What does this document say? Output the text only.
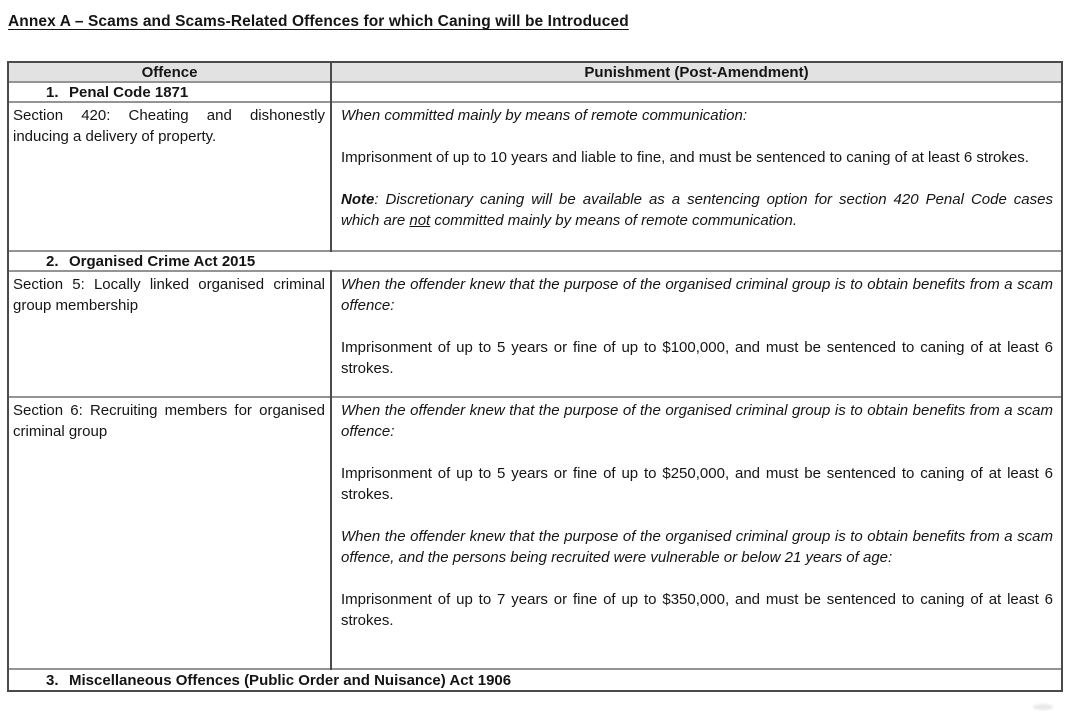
Annex A – Scams and Scams-Related Offences for which Caning will be Introduced
Offence	Punishment (Post-Amendment)
1. Penal Code 1871	
Section 420: Cheating and dishonestly inducing a delivery of property.	When committed mainly by means of remote communication:

Imprisonment of up to 10 years and liable to fine, and must be sentenced to caning of at least 6 strokes.

Note: Discretionary caning will be available as a sentencing option for section 420 Penal Code cases which are not committed mainly by means of remote communication.

2. Organised Crime Act 2015	
Section 5: Locally linked organised criminal group membership	When the offender knew that the purpose of the organised criminal group is to obtain benefits from a scam offence:

Imprisonment of up to 5 years or fine of up to $100,000, and must be sentenced to caning of at least 6 strokes.

Section 6: Recruiting members for organised criminal group	When the offender knew that the purpose of the organised criminal group is to obtain benefits from a scam offence:

Imprisonment of up to 5 years or fine of up to $250,000, and must be sentenced to caning of at least 6 strokes.

When the offender knew that the purpose of the organised criminal group is to obtain benefits from a scam offence, and the persons being recruited were vulnerable or below 21 years of age:

Imprisonment of up to 7 years or fine of up to $350,000, and must be sentenced to caning of at least 6 strokes.

3. Miscellaneous Offences (Public Order and Nuisance) Act 1906	
